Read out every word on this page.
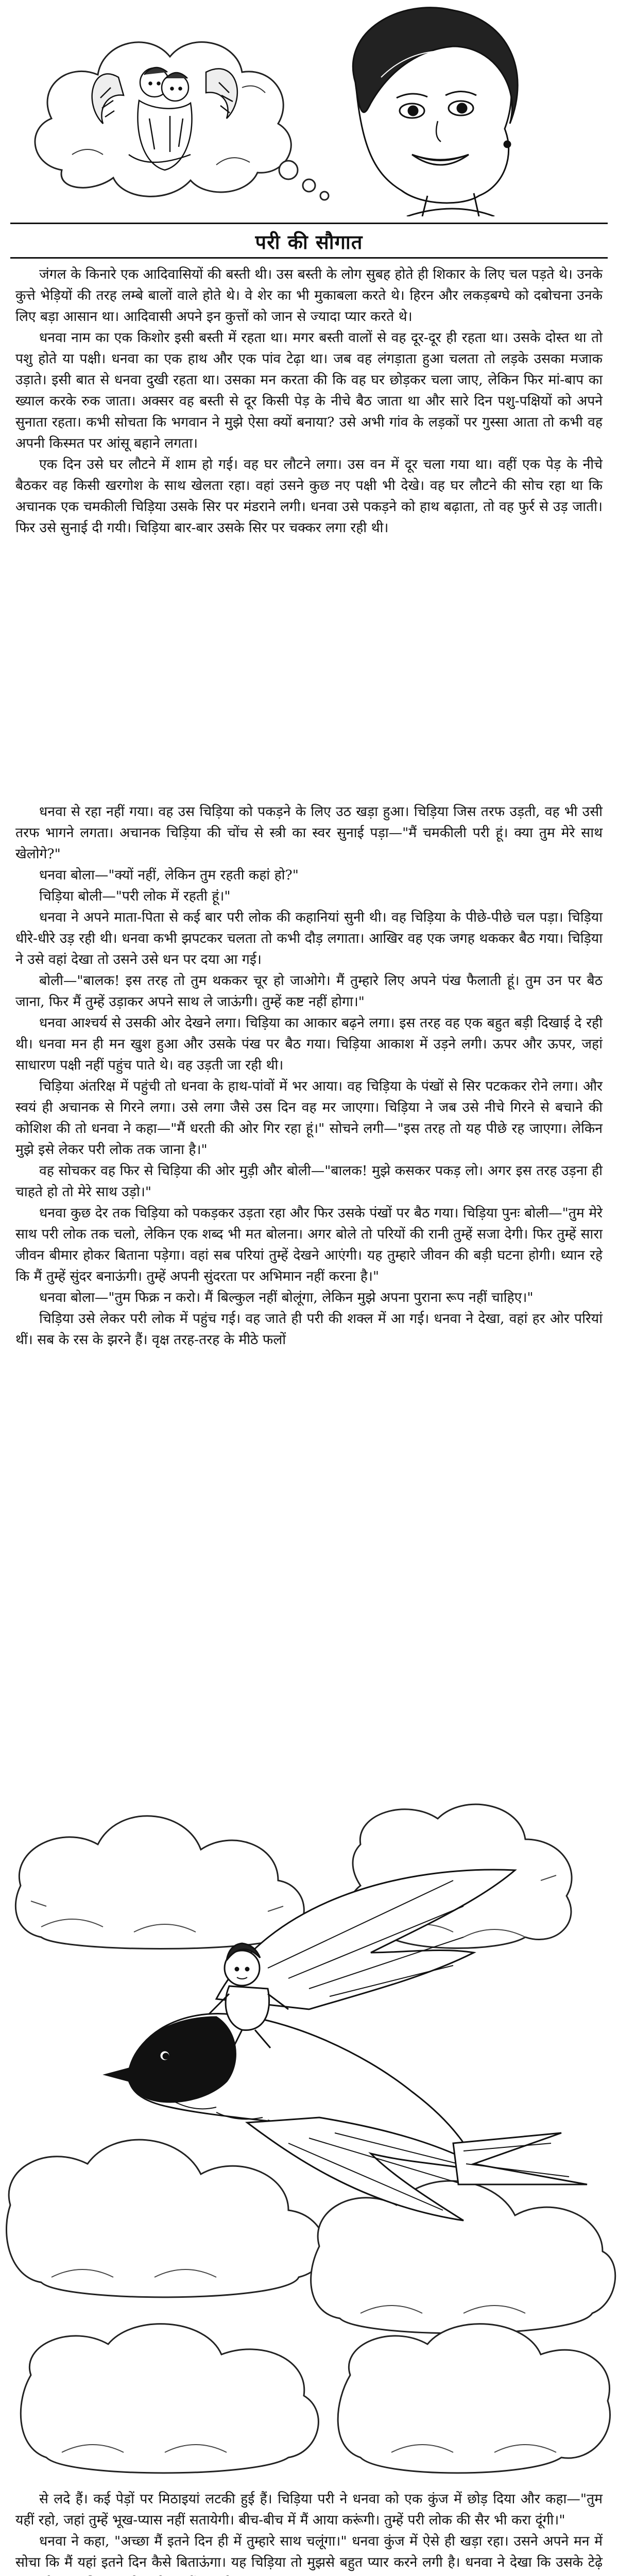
परी की सौगात

जंगल के किनारे एक आदिवासियों की बस्ती थी। उस बस्ती के लोग सुबह होते ही शिकार के लिए चल पड़ते थे। उनके कुत्ते भेड़ियों की तरह लम्बे बालों वाले होते थे। वे शेर का भी मुकाबला करते थे। हिरन और लकड़बग्घे को दबोचना उनके लिए बड़ा आसान था। आदिवासी अपने इन कुत्तों को जान से ज्यादा प्यार करते थे।

धनवा नाम का एक किशोर इसी बस्ती में रहता था। मगर बस्ती वालों से वह दूर-दूर ही रहता था। उसके दोस्त था तो पशु होते या पक्षी। धनवा का एक हाथ और एक पांव टेढ़ा था। जब वह लंगड़ाता हुआ चलता तो लड़के उसका मजाक उड़ाते। इसी बात से धनवा दुखी रहता था। उसका मन करता की कि वह घर छोड़कर चला जाए, लेकिन फिर मां-बाप का ख्याल करके रुक जाता। अक्सर वह बस्ती से दूर किसी पेड़ के नीचे बैठ जाता था और सारे दिन पशु-पक्षियों को अपने सुनाता रहता। कभी सोचता कि भगवान ने मुझे ऐसा क्यों बनाया? उसे अभी गांव के लड़कों पर गुस्सा आता तो कभी वह अपनी किस्मत पर आंसू बहाने लगता।

एक दिन उसे घर लौटने में शाम हो गई। वह घर लौटने लगा। उस वन में दूर चला गया था। वहीं एक पेड़ के नीचे बैठकर वह किसी खरगोश के साथ खेलता रहा। वहां उसने कुछ नए पक्षी भी देखे। वह घर लौटने की सोच रहा था कि अचानक एक चमकीली चिड़िया उसके सिर पर मंडराने लगी। धनवा उसे पकड़ने को हाथ बढ़ाता, तो वह फुर्र से उड़ जाती। फिर उसे सुनाई दी गयी। चिड़िया बार-बार उसके सिर पर चक्कर लगा रही थी।

धनवा से रहा नहीं गया। वह उस चिड़िया को पकड़ने के लिए उठ खड़ा हुआ। चिड़िया जिस तरफ उड़ती, वह भी उसी तरफ भागने लगता। अचानक चिड़िया की चोंच से स्त्री का स्वर सुनाई पड़ा—"मैं चमकीली परी हूं। क्या तुम मेरे साथ खेलोगे?"

धनवा बोला—"क्यों नहीं, लेकिन तुम रहती कहां हो?"

चिड़िया बोली—"परी लोक में रहती हूं।"

धनवा ने अपने माता-पिता से कई बार परी लोक की कहानियां सुनी थी। वह चिड़िया के पीछे-पीछे चल पड़ा। चिड़िया धीरे-धीरे उड़ रही थी। धनवा कभी झपटकर चलता तो कभी दौड़ लगाता। आखिर वह एक जगह थककर बैठ गया। चिड़िया ने उसे वहां देखा तो उसने उसे धन पर दया आ गई।

बोली—"बालक! इस तरह तो तुम थककर चूर हो जाओगे। मैं तुम्हारे लिए अपने पंख फैलाती हूं। तुम उन पर बैठ जाना, फिर मैं तुम्हें उड़ाकर अपने साथ ले जाऊंगी। तुम्हें कष्ट नहीं होगा।"

धनवा आश्चर्य से उसकी ओर देखने लगा। चिड़िया का आकार बढ़ने लगा। इस तरह वह एक बहुत बड़ी दिखाई दे रही थी। धनवा मन ही मन खुश हुआ और उसके पंख पर बैठ गया। चिड़िया आकाश में उड़ने लगी। ऊपर और ऊपर, जहां साधारण पक्षी नहीं पहुंच पाते थे। वह उड़ती जा रही थी।

चिड़िया अंतरिक्ष में पहुंची तो धनवा के हाथ-पांवों में भर आया। वह चिड़िया के पंखों से सिर पटककर रोने लगा। और स्वयं ही अचानक से गिरने लगा। उसे लगा जैसे उस दिन वह मर जाएगा। चिड़िया ने जब उसे नीचे गिरने से बचाने की कोशिश की तो धनवा ने कहा—"मैं धरती की ओर गिर रहा हूं।" सोचने लगी—"इस तरह तो यह पीछे रह जाएगा। लेकिन मुझे इसे लेकर परी लोक तक जाना है।"

वह सोचकर वह फिर से चिड़िया की ओर मुड़ी और बोली—"बालक! मुझे कसकर पकड़ लो। अगर इस तरह उड़ना ही चाहते हो तो मेरे साथ उड़ो।"

धनवा कुछ देर तक चिड़िया को पकड़कर उड़ता रहा और फिर उसके पंखों पर बैठ गया। चिड़िया पुनः बोली—"तुम मेरे साथ परी लोक तक चलो, लेकिन एक शब्द भी मत बोलना। अगर बोले तो परियों की रानी तुम्हें सजा देगी। फिर तुम्हें सारा जीवन बीमार होकर बिताना पड़ेगा। वहां सब परियां तुम्हें देखने आएंगी। यह तुम्हारे जीवन की बड़ी घटना होगी। ध्यान रहे कि मैं तुम्हें सुंदर बनाऊंगी। तुम्हें अपनी सुंदरता पर अभिमान नहीं करना है।"

धनवा बोला—"तुम फिक्र न करो। मैं बिल्कुल नहीं बोलूंगा, लेकिन मुझे अपना पुराना रूप नहीं चाहिए।"

चिड़िया उसे लेकर परी लोक में पहुंच गई। वह जाते ही परी की शक्ल में आ गई। धनवा ने देखा, वहां हर ओर परियां थीं। सब के रस के झरने हैं। वृक्ष तरह-तरह के मीठे फलों

से लदे हैं। कई पेड़ों पर मिठाइयां लटकी हुई हैं। चिड़िया परी ने धनवा को एक कुंज में छोड़ दिया और कहा—"तुम यहीं रहो, जहां तुम्हें भूख-प्यास नहीं सतायेगी। बीच-बीच में मैं आया करूंगी। तुम्हें परी लोक की सैर भी करा दूंगी।"

धनवा ने कहा, "अच्छा मैं इतने दिन ही में तुम्हारे साथ चलूंगा।" धनवा कुंज में ऐसे ही खड़ा रहा। उसने अपने मन में सोचा कि मैं यहां इतने दिन कैसे बिताऊंगा। यह चिड़िया तो मुझसे बहुत प्यार करने लगी है। धनवा ने देखा कि उसके टेढ़े
